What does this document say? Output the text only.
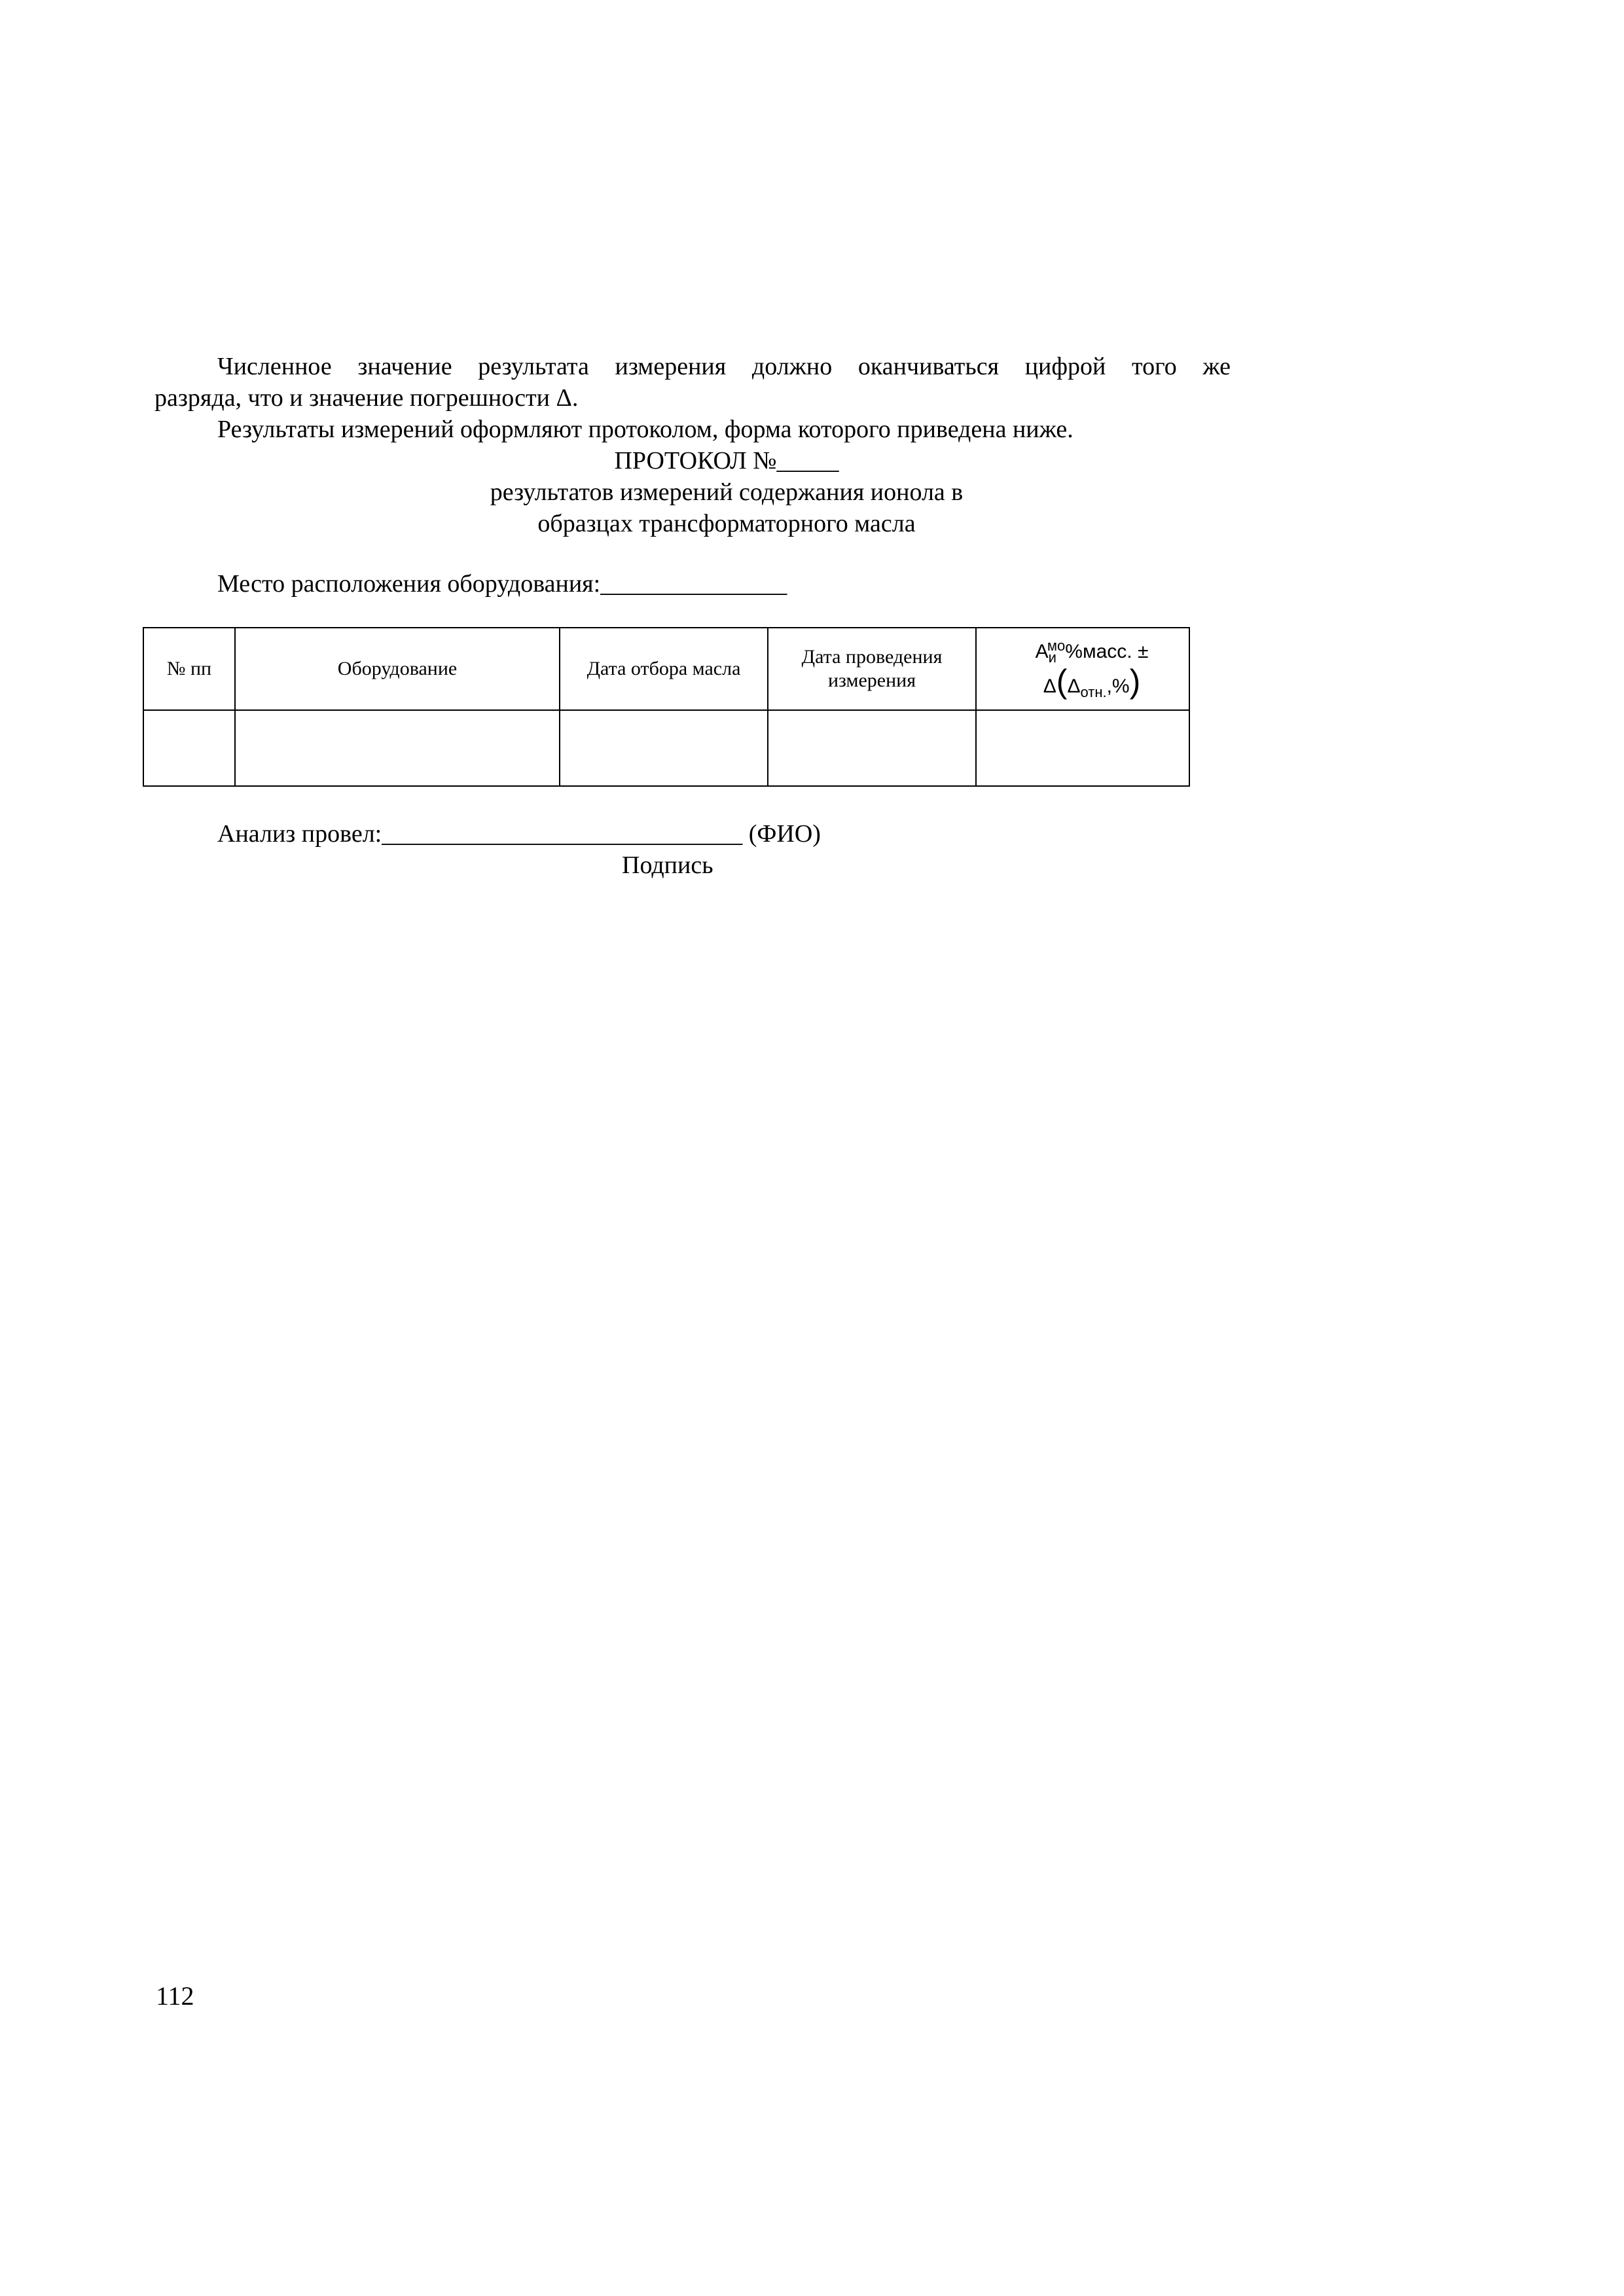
Численное значение результата измерения должно оканчиваться цифрой того же
разряда, что и значение погрешности Δ.
Результаты измерений оформляют протоколом, форма которого приведена ниже.
ПРОТОКОЛ №_____
результатов измерений содержания ионола в
образцах трансформаторного масла
Место расположения оборудования:_______________
№ пп	Оборудование	Дата отбора масла	Дата проведения измерения	$А_и^{мо}\%масс$. ±
$\Delta(\Delta_{отн.},\%)$

Анализ провел:_____________________________ (ФИО)
Подпись
112
